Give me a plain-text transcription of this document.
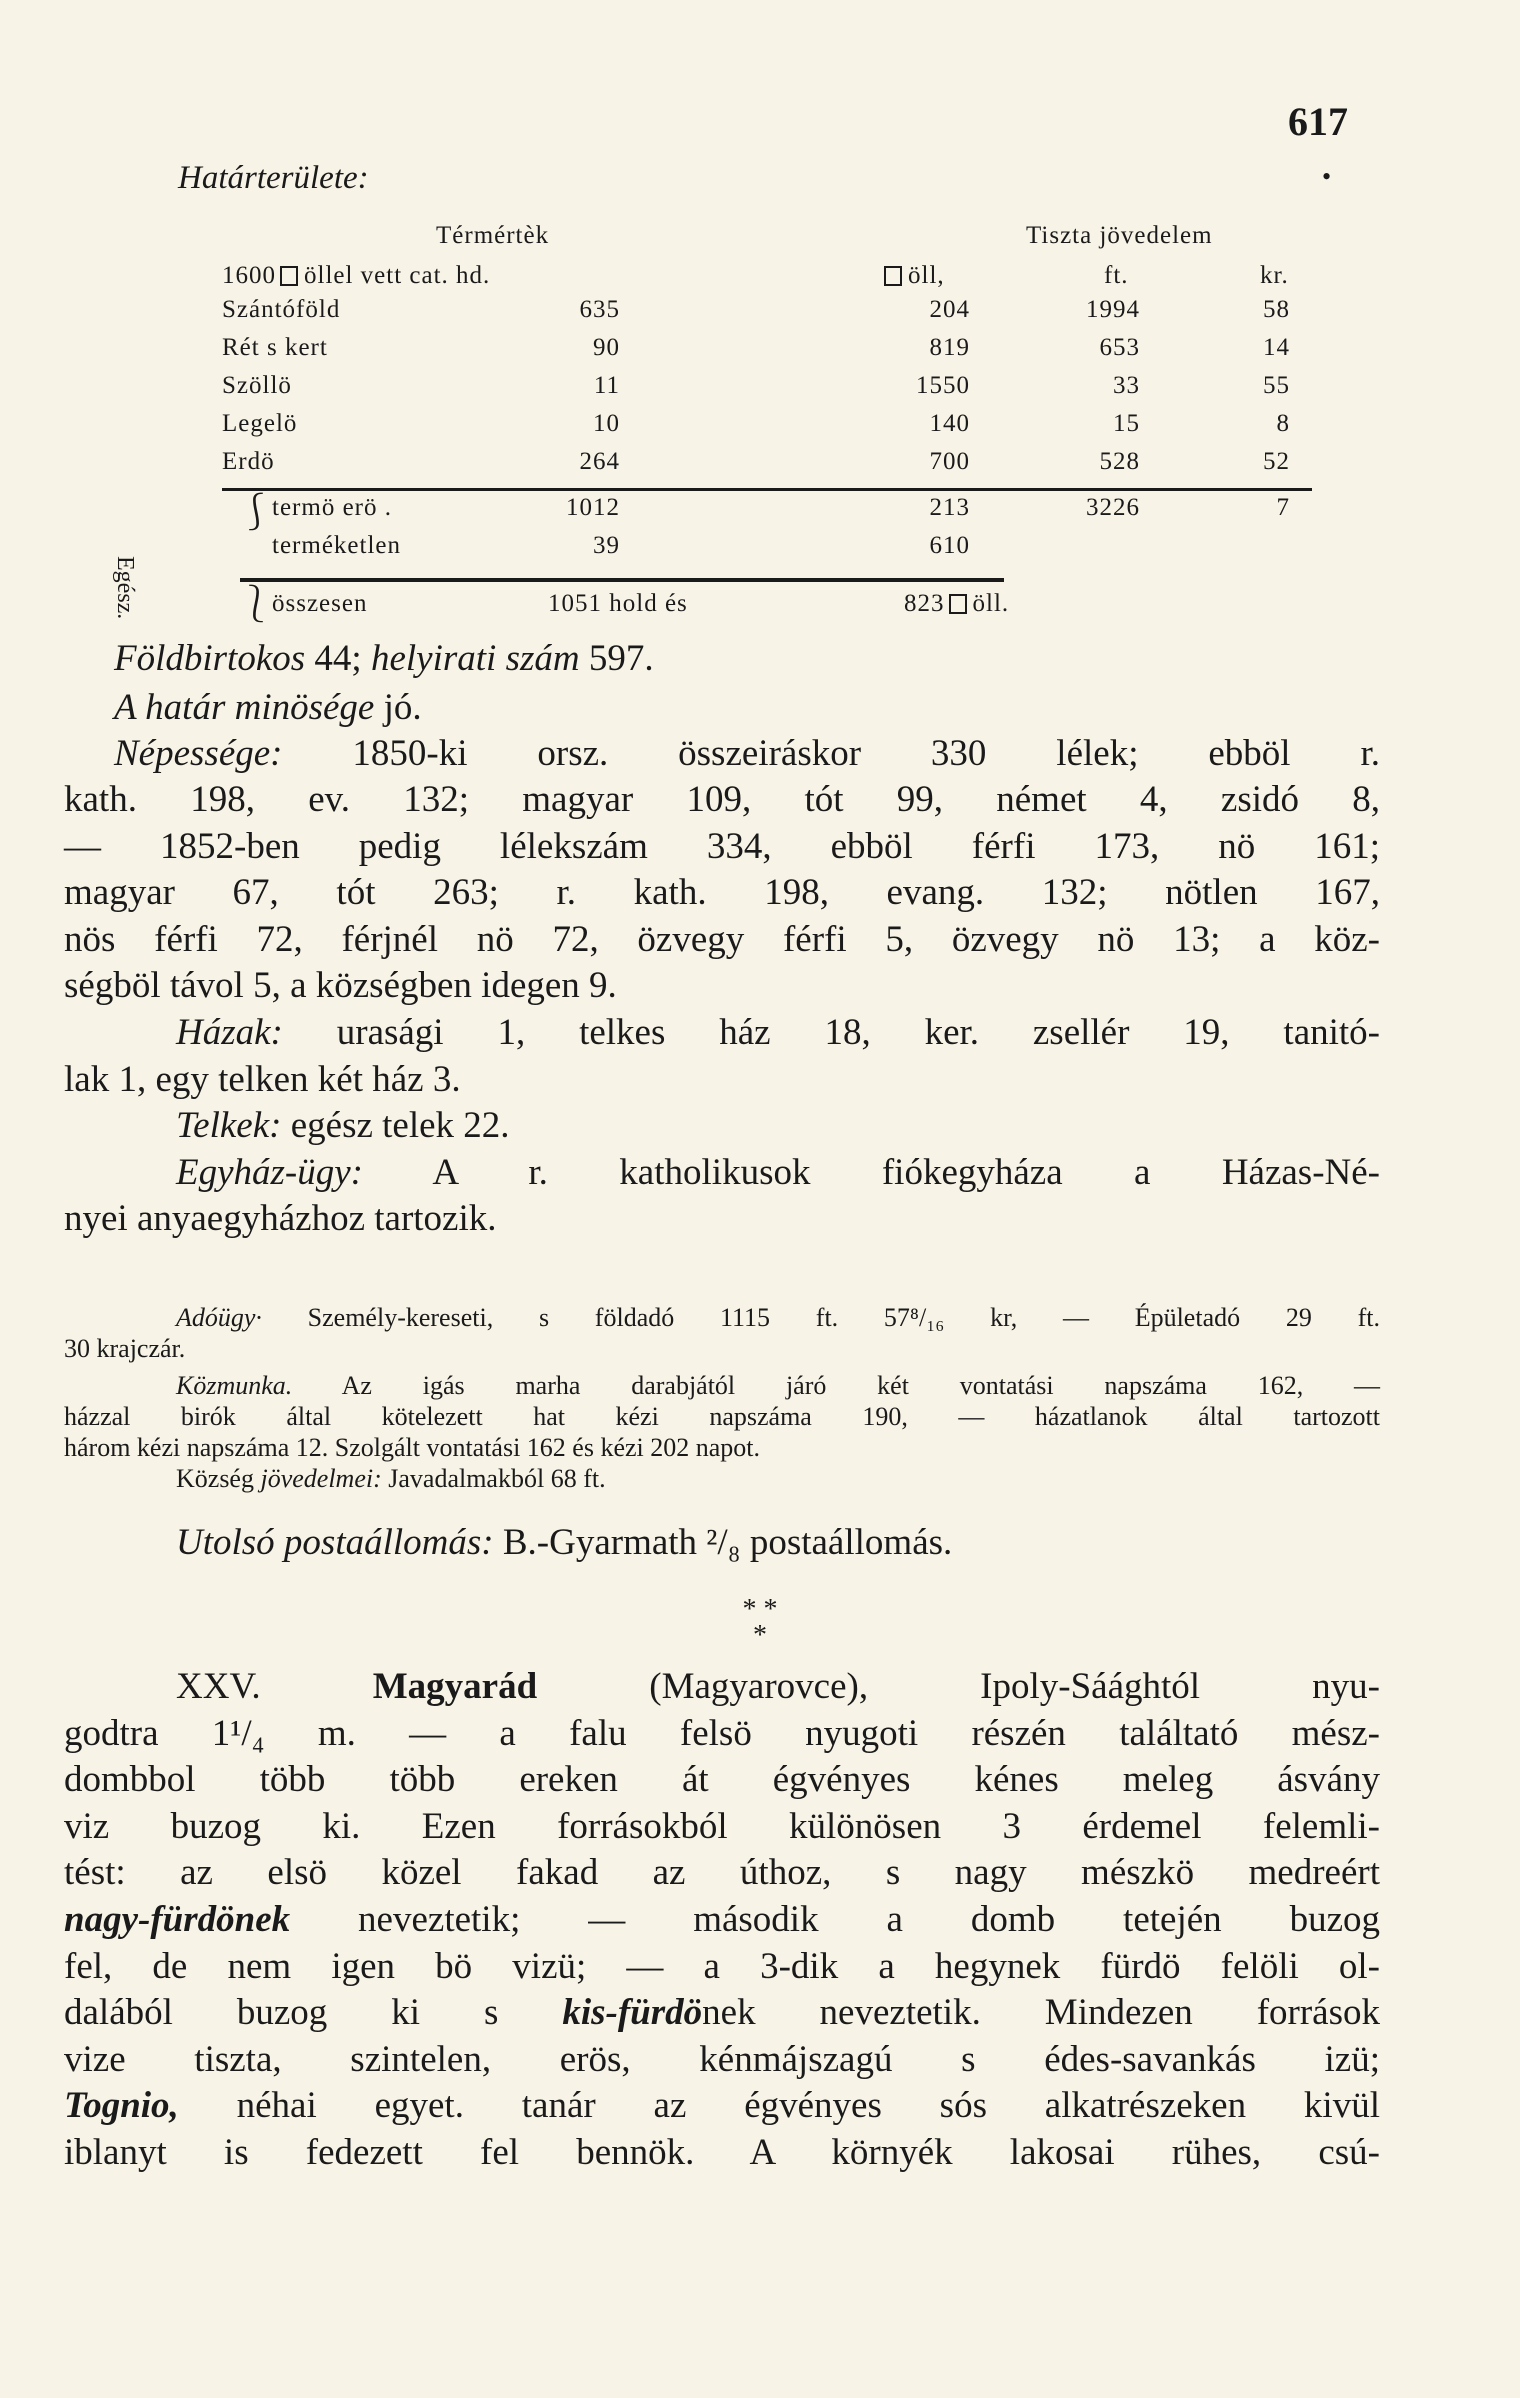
617
Határterülete:	•
Térmértèk	Tiszta jövedelem
1600 öllel vett cat. hd.	öll,	ft.	kr.
Szántóföld	635	204	1994	58
Rét s kert	90	819	653	14
Szöllö	11	1550	33	55
Legelö	10	140	15	8
Erdö	264	700	528	52
termö erö .	1012	213	3226	7
terméketlen	39	610
Egész.
⎰
⎱
összesen	1051 hold és	823 öll.
Földbirtokos 44; helyirati szám 597.
A határ minösége jó.
Népessége: 1850-ki orsz. összeiráskor 330 lélek; ebböl r.
kath. 198, ev. 132; magyar 109, tót 99, német 4, zsidó 8,
— 1852-ben pedig lélekszám 334, ebböl férfi 173, nö 161;
magyar 67, tót 263; r. kath. 198, evang. 132; nötlen 167,
nös férfi 72, férjnél nö 72, özvegy férfi 5, özvegy nö 13; a köz-
ségböl távol 5, a községben idegen 9.
Házak: urasági 1, telkes ház 18, ker. zsellér 19, tanitó-
lak 1, egy telken két ház 3.
Telkek: egész telek 22.
Egyház-ügy: A r. katholikusok fiókegyháza a Házas-Né-
nyei anyaegyházhoz tartozik.
Adóügy· Személy-kereseti, s földadó 1115 ft. 57⁸/₁₆ kr, — Épületadó 29 ft.
30 krajczár.
Közmunka. Az igás marha darabjától járó két vontatási napszáma 162, —
házzal birók által kötelezett hat kézi napszáma 190, — házatlanok által tartozott
három kézi napszáma 12. Szolgált vontatási 162 és kézi 202 napot.
Község jövedelmei: Javadalmakból 68 ft.
Utolsó postaállomás: B.-Gyarmath ²/₈ postaállomás.
* *
*
XXV. Magyarád (Magyarovce), Ipoly-Sáághtól nyu-
godtra 1¹/₄ m. — a falu felsö nyugoti részén találtató mész-
dombbol több több ereken át égvényes kénes meleg ásvány
viz buzog ki. Ezen forrásokból különösen 3 érdemel felemli-
tést: az elsö közel fakad az úthoz, s nagy mészkö medreért
nagy-fürdönek neveztetik; — második a domb tetején buzog
fel, de nem igen bö vizü; — a 3-dik a hegynek fürdö felöli ol-
dalából buzog ki s kis-fürdönek neveztetik. Mindezen források
vize tiszta, szintelen, erös, kénmájszagú s édes-savankás izü;
Tognio, néhai egyet. tanár az égvényes sós alkatrészeken kivül
iblanyt is fedezett fel bennök. A környék lakosai rühes, csú-
